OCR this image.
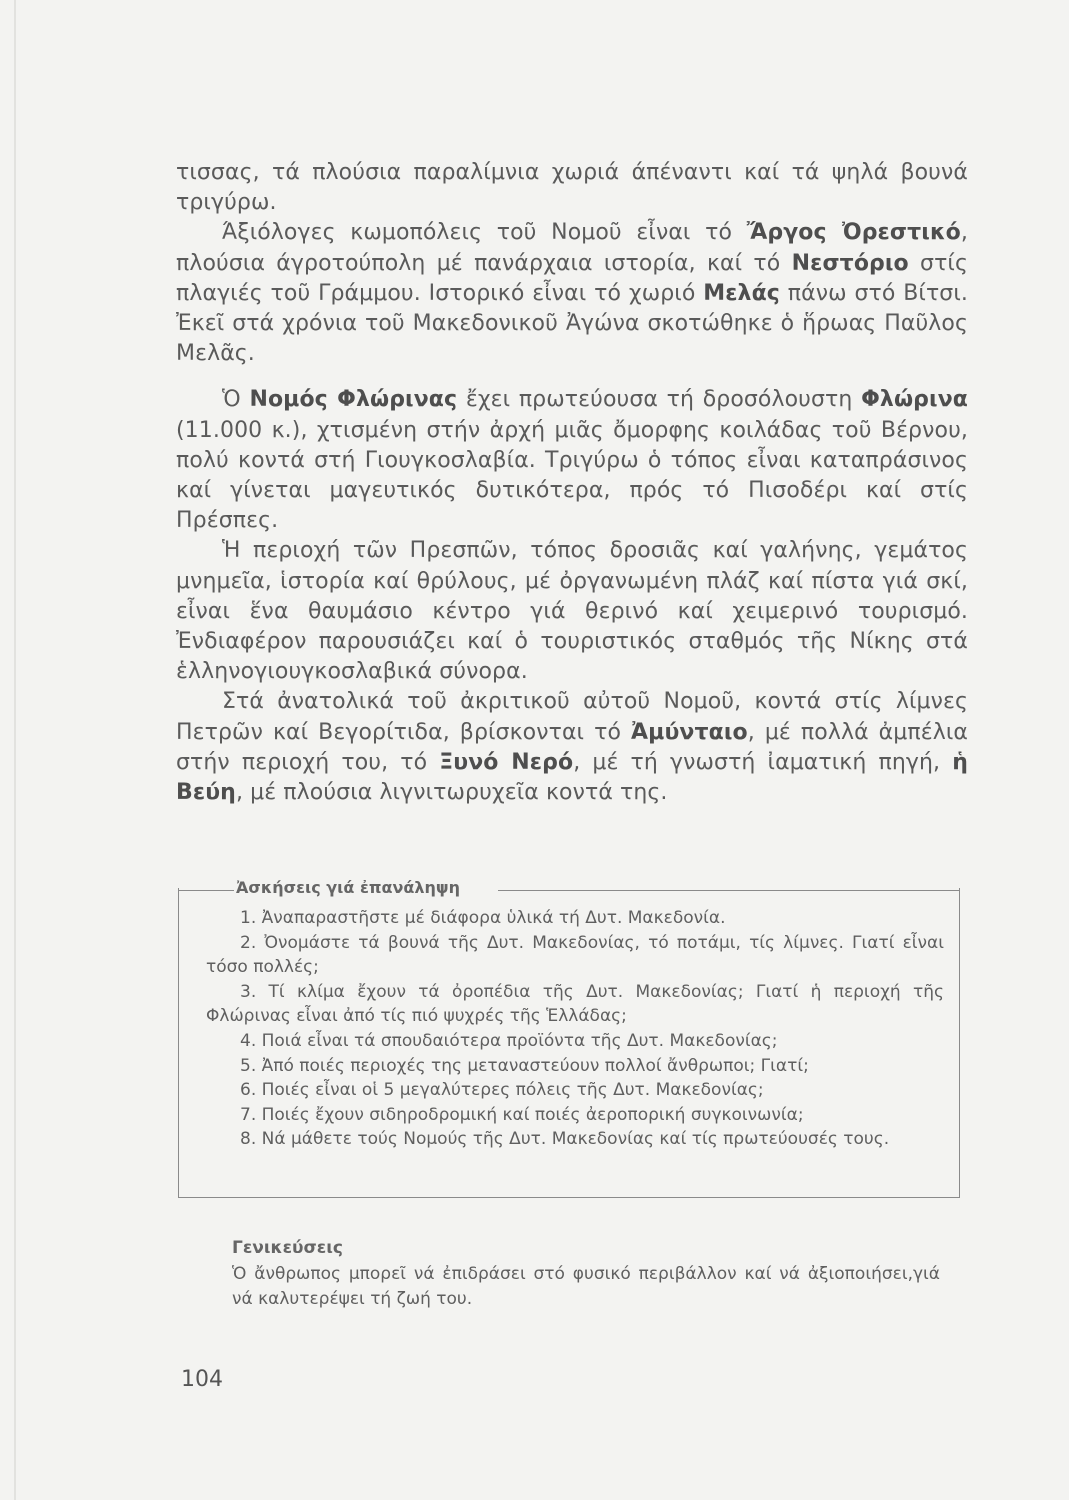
τισσας, τά πλούσια παραλίμνια χωριά άπέναντι καί τά ψηλά βουνά τριγύρω.

Άξιόλογες κωμοπόλεις τοῦ Νομοῦ εἶναι τό Ἄργος Ὀρεστικό, πλούσια άγροτούπολη μέ πανάρχαια ιστορία, καί τό Νεστόριο στίς πλαγιές τοῦ Γράμμου. Ιστορικό εἶναι τό χωριό Μελάς πάνω στό Βίτσι. Ἐκεῖ στά χρόνια τοῦ Μακεδονικοῦ Ἀγώνα σκοτώθηκε ὁ ἥρωας Παῦλος Μελᾶς.

Ὁ Νομός Φλώρινας ἔχει πρωτεύουσα τή δροσόλουστη Φλώρινα (11.000 κ.), χτισμένη στήν ἀρχή μιᾶς ὄμορφης κοιλάδας τοῦ Βέρνου, πολύ κοντά στή Γιουγκοσλαβία. Τριγύρω ὁ τόπος εἶναι καταπράσινος καί γίνεται μαγευτικός δυτικότερα, πρός τό Πισοδέρι καί στίς Πρέσπες.

Ἡ περιοχή τῶν Πρεσπῶν, τόπος δροσιᾶς καί γαλήνης, γεμάτος μνημεῖα, ἱστορία καί θρύλους, μέ ὀργανωμένη πλάζ καί πίστα γιά σκί, εἶναι ἕνα θαυμάσιο κέντρο γιά θερινό καί χειμερινό τουρισμό. Ἐνδιαφέρον παρουσιάζει καί ὁ τουριστικός σταθμός τῆς Νίκης στά ἑλληνογιουγκοσλαβικά σύνορα.

Στά ἀνατολικά τοῦ ἀκριτικοῦ αὐτοῦ Νομοῦ, κοντά στίς λίμνες Πετρῶν καί Βεγορίτιδα, βρίσκονται τό Ἀμύνταιο, μέ πολλά ἀμπέλια στήν περιοχή του, τό Ξυνό Νερό, μέ τή γνωστή ἰαματική πηγή, ἡ Βεύη, μέ πλούσια λιγνιτωρυχεῖα κοντά της.

Ἀσκήσεις γιά ἐπανάληψη

1. Ἀναπαραστῆστε μέ διάφορα ὑλικά τή Δυτ. Μακεδονία.

2. Ὀνομάστε τά βουνά τῆς Δυτ. Μακεδονίας, τό ποτάμι, τίς λίμνες. Γιατί εἶναι τόσο πολλές;

3. Τί κλίμα ἔχουν τά ὀροπέδια τῆς Δυτ. Μακεδονίας; Γιατί ἡ περιοχή τῆς Φλώρινας εἶναι ἀπό τίς πιό ψυχρές τῆς Ἑλλάδας;

4. Ποιά εἶναι τά σπουδαιότερα προϊόντα τῆς Δυτ. Μακεδονίας;

5. Ἀπό ποιές περιοχές της μεταναστεύουν πολλοί ἄνθρωποι; Γιατί;

6. Ποιές εἶναι οἱ 5 μεγαλύτερες πόλεις τῆς Δυτ. Μακεδονίας;

7. Ποιές ἔχουν σιδηροδρομική καί ποιές ἀεροπορική συγκοινωνία;

8. Νά μάθετε τούς Νομούς τῆς Δυτ. Μακεδονίας καί τίς πρωτεύουσές τους.

Γενικεύσεις
Ὁ ἄνθρωπος μπορεῖ νά ἐπιδράσει στό φυσικό περιβάλλον καί νά ἀξιοποιήσει,γιά νά καλυτερέψει τή ζωή του.
104
